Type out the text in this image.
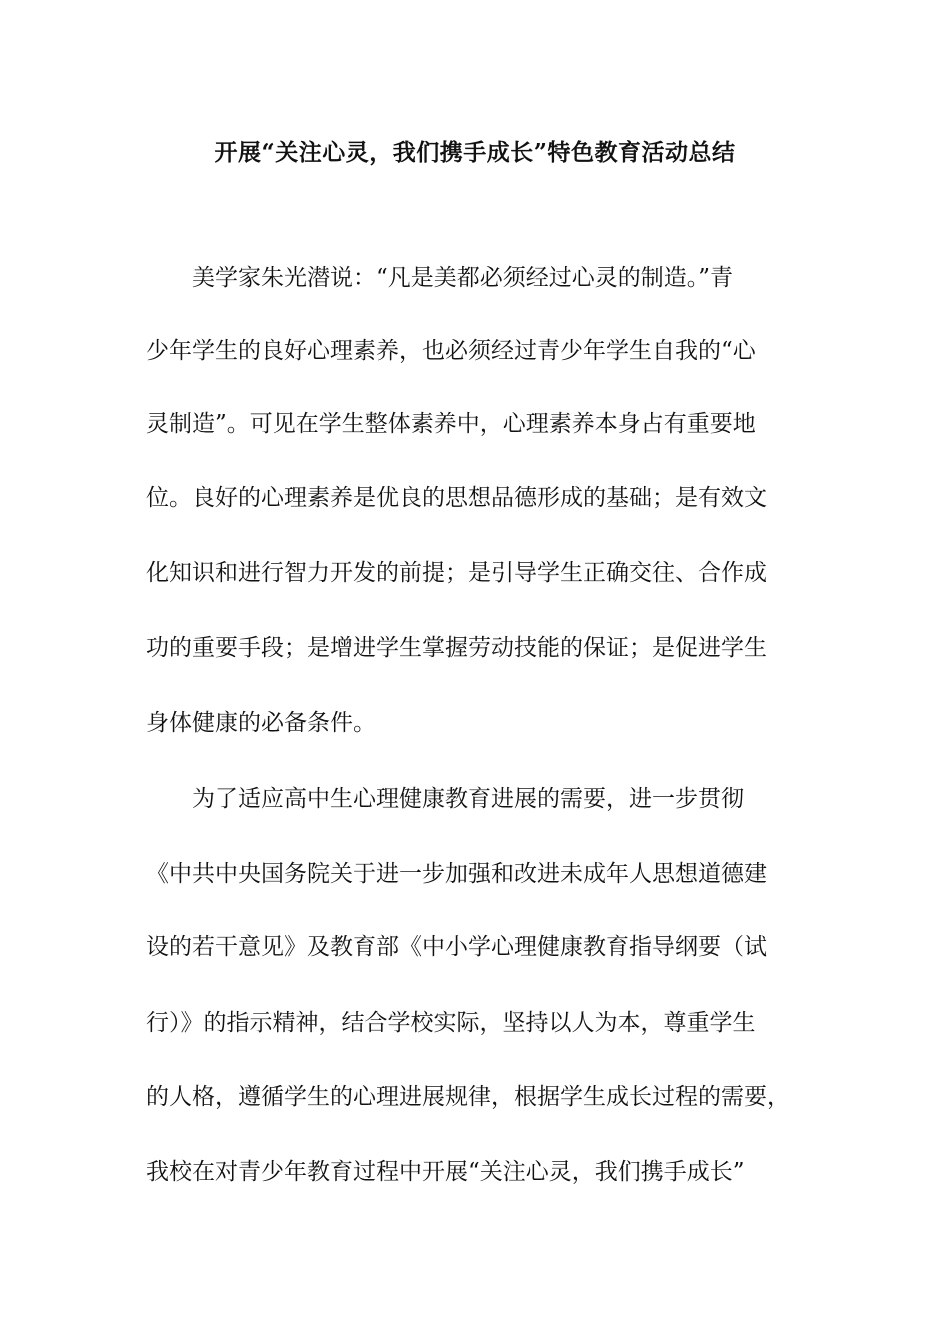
开展“关注心灵，我们携手成长”特色教育活动总结
美学家朱光潜说：“凡是美都必须经过心灵的制造。”青
少年学生的良好心理素养，也必须经过青少年学生自我的“心
灵制造”。可见在学生整体素养中，心理素养本身占有重要地
位。良好的心理素养是优良的思想品德形成的基础；是有效文
化知识和进行智力开发的前提；是引导学生正确交往、合作成
功的重要手段；是增进学生掌握劳动技能的保证；是促进学生
身体健康的必备条件。
为了适应高中生心理健康教育进展的需要，进一步贯彻
《中共中央国务院关于进一步加强和改进未成年人思想道德建
设的若干意见》及教育部《中小学心理健康教育指导纲要（试
行）》的指示精神，结合学校实际，坚持以人为本，尊重学生
的人格，遵循学生的心理进展规律，根据学生成长过程的需要，
我校在对青少年教育过程中开展“关注心灵，我们携手成长”
